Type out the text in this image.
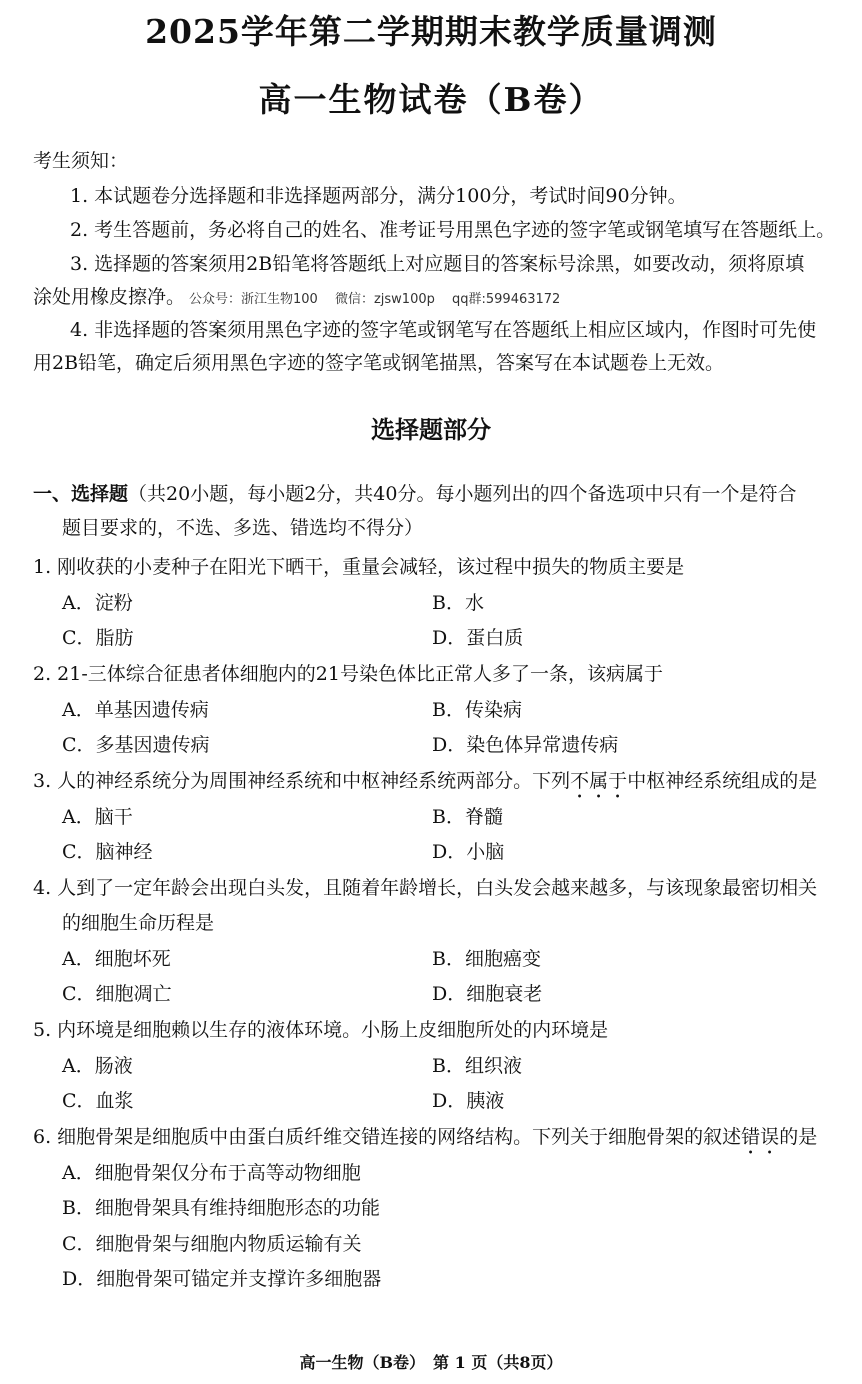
2025学年第二学期期末教学质量调测
高一生物试卷（B卷）
考生须知：
1. 本试题卷分选择题和非选择题两部分，满分100分，考试时间90分钟。
2. 考生答题前，务必将自己的姓名、准考证号用黑色字迹的签字笔或钢笔填写在答题纸上。
3. 选择题的答案须用2B铅笔将答题纸上对应题目的答案标号涂黑，如要改动，须将原填
涂处用橡皮擦净。 公众号：浙江生物100　 微信：zjsw100p　 qq群:599463172
4. 非选择题的答案须用黑色字迹的签字笔或钢笔写在答题纸上相应区域内，作图时可先使
用2B铅笔，确定后须用黑色字迹的签字笔或钢笔描黑，答案写在本试题卷上无效。
选择题部分
一、选择题（共20小题，每小题2分，共40分。每小题列出的四个备选项中只有一个是符合
题目要求的，不选、多选、错选均不得分）
1. 刚收获的小麦种子在阳光下晒干，重量会减轻，该过程中损失的物质主要是
A．淀粉	B．水
C．脂肪	D．蛋白质
2. 21-三体综合征患者体细胞内的21号染色体比正常人多了一条，该病属于
A．单基因遗传病	B．传染病
C．多基因遗传病	D．染色体异常遗传病
3. 人的神经系统分为周围神经系统和中枢神经系统两部分。下列不属于中枢神经系统组成的是
A．脑干	B．脊髓
C．脑神经	D．小脑
4. 人到了一定年龄会出现白头发，且随着年龄增长，白头发会越来越多，与该现象最密切相关
的细胞生命历程是
A．细胞坏死	B．细胞癌变
C．细胞凋亡	D．细胞衰老
5. 内环境是细胞赖以生存的液体环境。小肠上皮细胞所处的内环境是
A．肠液	B．组织液
C．血浆	D．胰液
6. 细胞骨架是细胞质中由蛋白质纤维交错连接的网络结构。下列关于细胞骨架的叙述错误的是
A．细胞骨架仅分布于高等动物细胞
B．细胞骨架具有维持细胞形态的功能
C．细胞骨架与细胞内物质运输有关
D．细胞骨架可锚定并支撑许多细胞器
高一生物（B卷）　第 1 页（共8页）
